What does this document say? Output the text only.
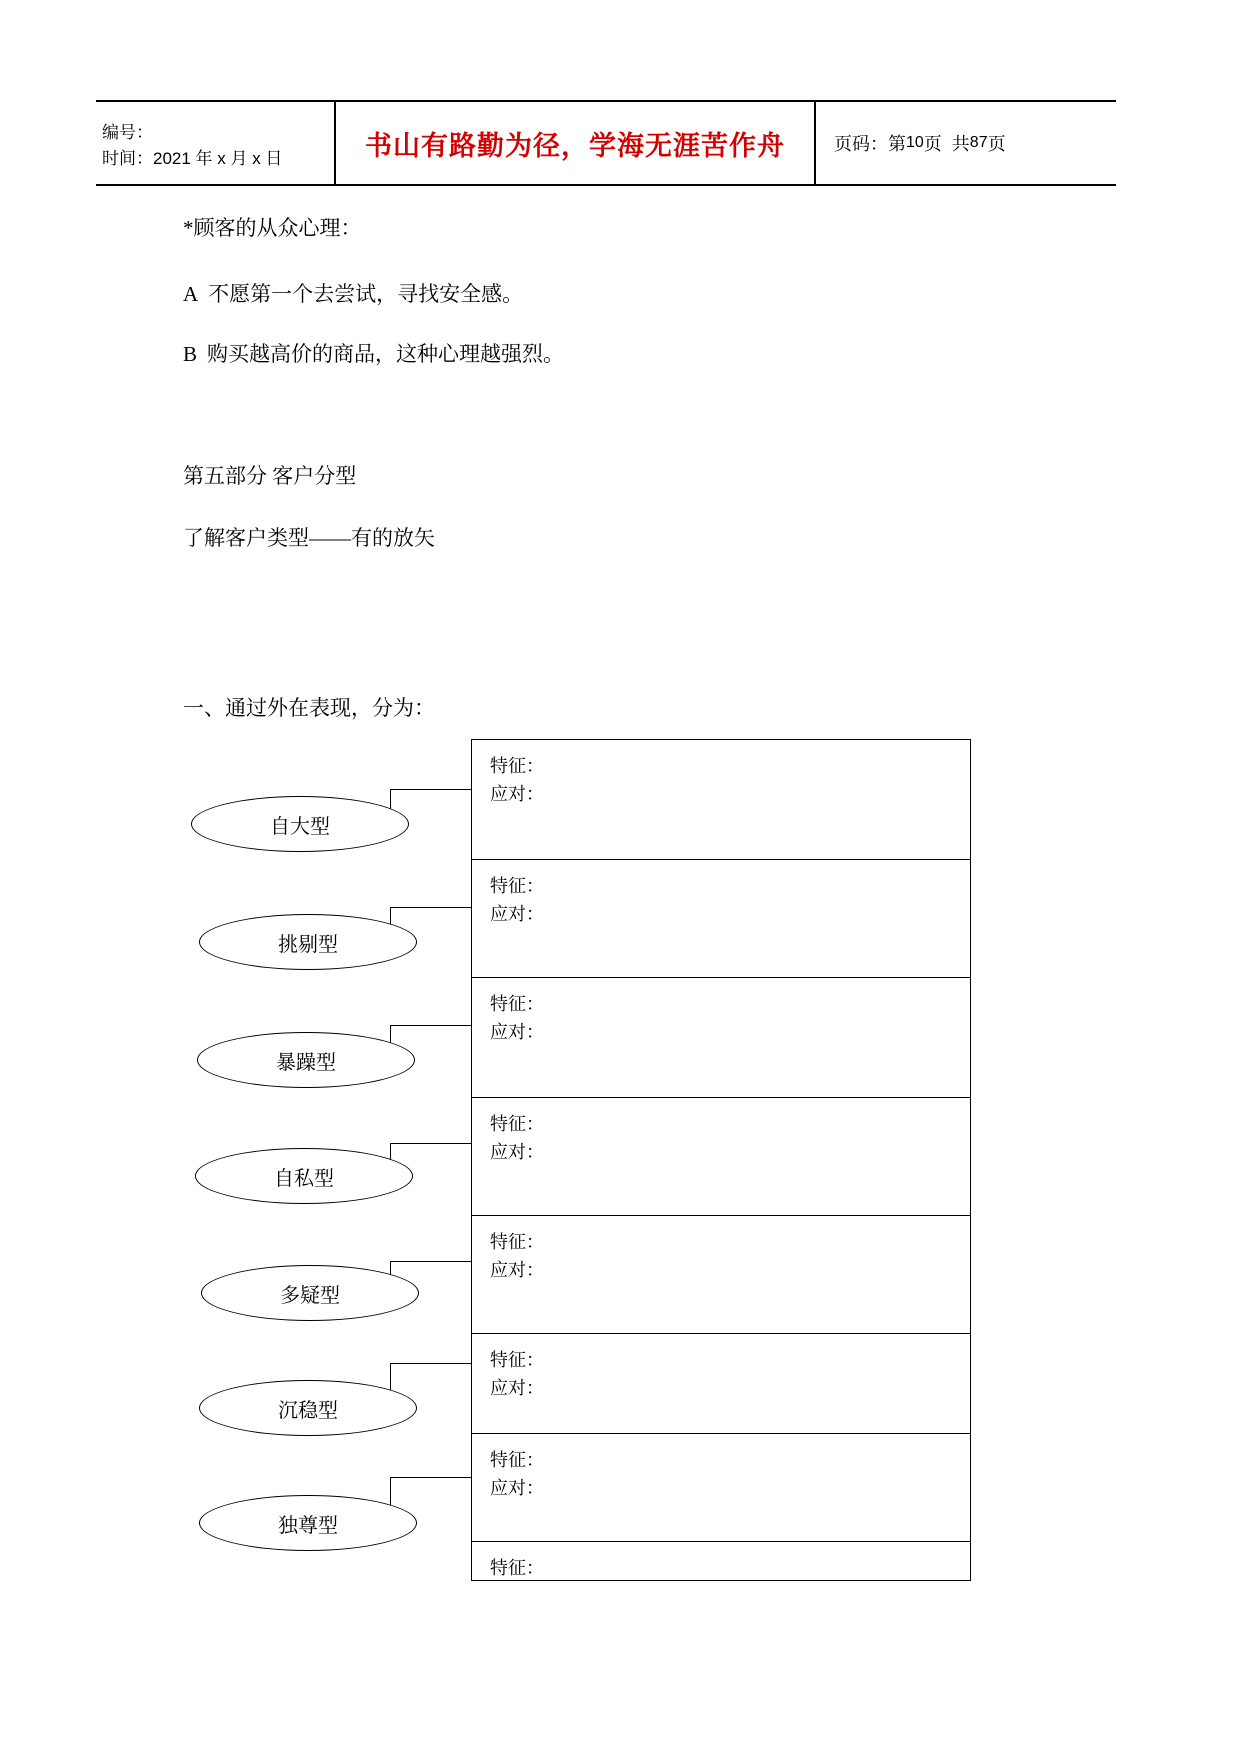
编号：
时间：2021 年 x 月 x 日	书山有路勤为径，学海无涯苦作舟	页码： 第 10 页 共 87 页

*顾客的从众心理：

A 不愿第一个去尝试，寻找安全感。

B 购买越高价的商品，这种心理越强烈。

第五部分 客户分型

了解客户类型——有的放矢

一、通过外在表现，分为：

特征：
应对：
特征：
应对：
特征：
应对：
特征：
应对：
特征：
应对：
特征：
应对：
特征：
应对：
特征：
自大型
挑剔型
暴躁型
自私型
多疑型
沉稳型
独尊型
